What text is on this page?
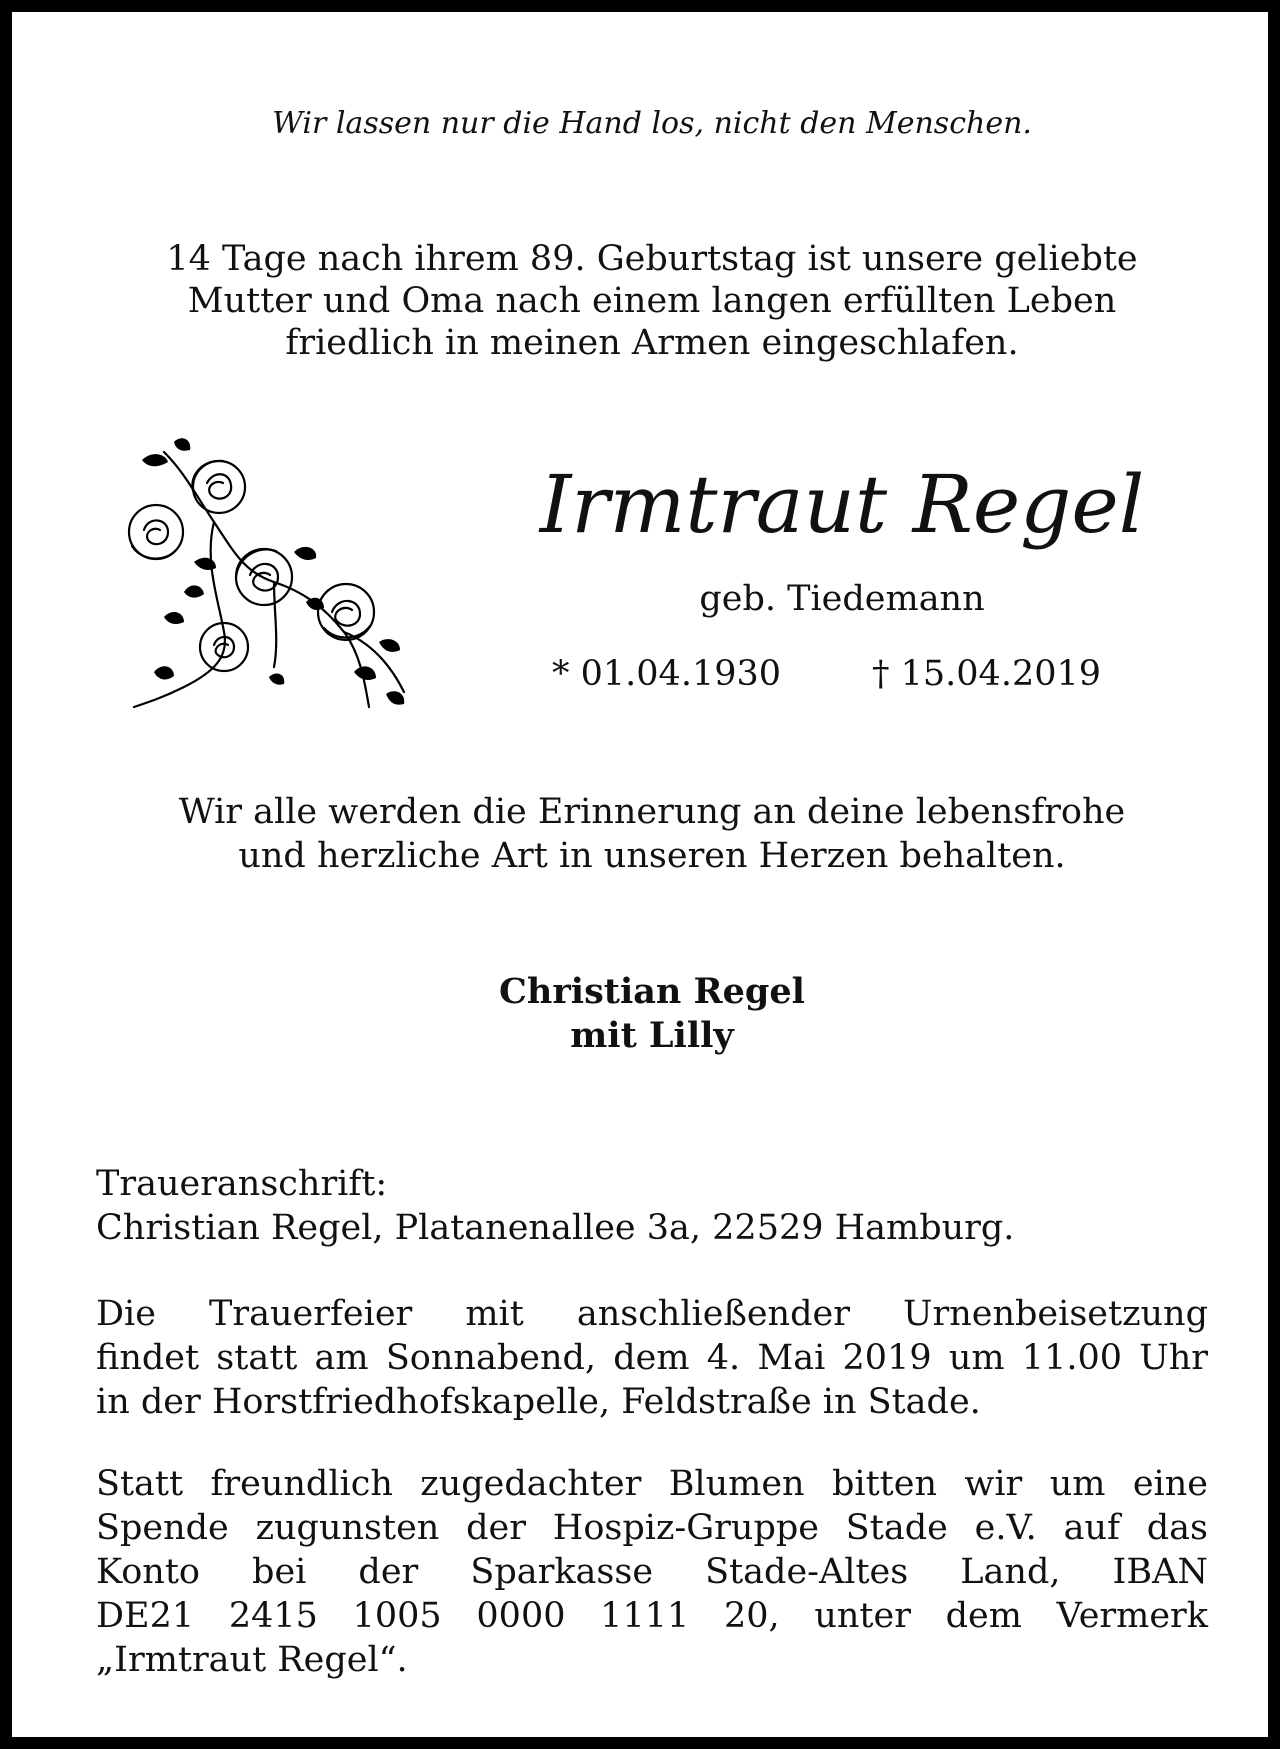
Wir lassen nur die Hand los, nicht den Menschen.
14 Tage nach ihrem 89. Geburtstag ist unsere geliebte
Mutter und Oma nach einem langen erfüllten Leben
friedlich in meinen Armen eingeschlafen.
Irmtraut Regel
geb. Tiedemann
* 01.04.1930	† 15.04.2019
Wir alle werden die Erinnerung an deine lebensfrohe
und herzliche Art in unseren Herzen behalten.
Christian Regel
mit Lilly
Traueranschrift:
Christian Regel, Platanenallee 3a, 22529 Hamburg.
Die Trauerfeier mit anschließender Urnenbeisetzung
findet statt am Sonnabend, dem 4. Mai 2019 um 11.00 Uhr
in der Horstfriedhofskapelle, Feldstraße in Stade.
Statt freundlich zugedachter Blumen bitten wir um eine
Spende zugunsten der Hospiz-Gruppe Stade e.V. auf das
Konto bei der Sparkasse Stade-Altes Land, IBAN
DE21 2415 1005 0000 1111 20, unter dem Vermerk
„Irmtraut Regel“.
